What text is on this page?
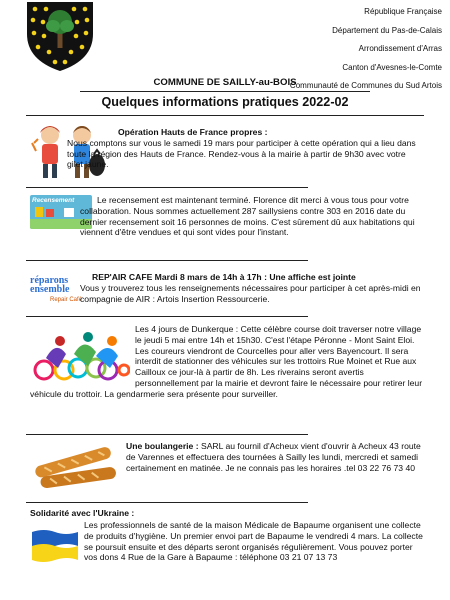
République Française
Département du Pas-de-Calais
Arrondissement d'Arras
Canton d'Avesnes-le-Comte
Communauté de Communes du Sud Artois
COMMUNE DE SAILLY-au-BOIS
Quelques informations pratiques 2022-02
Opération Hauts de France propres :
Nous comptons sur vous le samedi 19 mars pour participer à cette opération qui a lieu dans toute la région des Hauts de France. Rendez-vous à la mairie à partir de 9h30 avec votre gilet jaune.
Recensement	Le recensement est maintenant terminé. Florence dit merci à vous tous pour votre collaboration. Nous sommes actuellement 287 saillysiens contre 303 en 2016 date du dernier recensement soit 16 personnes de moins. C'est sûrement dû aux habitations qui viennent d'être vendues et qui sont vides pour l'instant.
réparons ensemble
Repair Café
REP'AIR CAFE Mardi 8 mars de 14h à 17h : Une affiche est jointe
Vous y trouverez tous les renseignements nécessaires pour participer à cet après-midi en compagnie de AIR : Artois Insertion Ressourcerie.
Les 4 jours de Dunkerque : Cette célèbre course doit traverser notre village le jeudi 5 mai entre 14h et 15h30. C'est l'étape Péronne - Mont Saint Eloi. Les coureurs viendront de Courcelles pour aller vers Bayencourt. Il sera interdit de stationner des véhicules sur les trottoirs Rue Moinet et Rue aux Cailloux ce jour-là à partir de 8h. Les riverains seront avertis personnellement par la mairie et devront faire le nécessaire pour retirer leur véhicule du trottoir. La gendarmerie sera présente pour surveiller.
Une boulangerie : SARL au fournil d'Acheux vient d'ouvrir à Acheux 43 route de Varennes et effectuera des tournées à Sailly les lundi, mercredi et samedi certainement en matinée. Je ne connais pas les horaires .tel 03 22 76 73 40
Solidarité avec l'Ukraine :
Les professionnels de santé de la maison Médicale de Bapaume organisent une collecte de produits d'hygiène. Un premier envoi part de Bapaume le vendredi 4 mars. La collecte se poursuit ensuite et des départs seront organisés régulièrement. Vous pouvez porter vos dons 4 Rue de la Gare à Bapaume : téléphone 03 21 07 13 73
